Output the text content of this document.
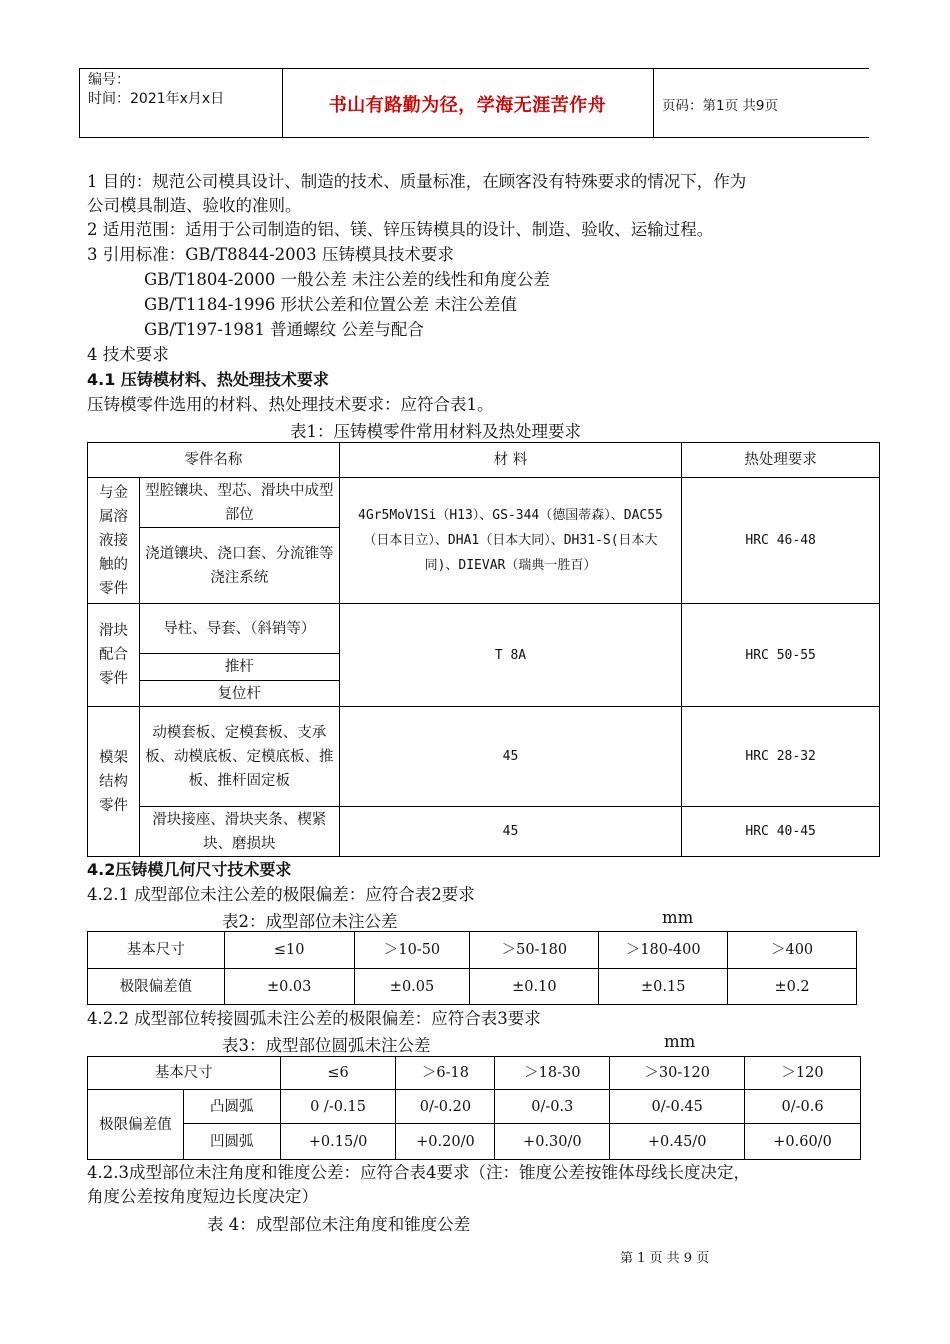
编号：
时间：2021年x月x日	书山有路勤为径，学海无涯苦作舟	页码：第1页 共9页
1 目的：规范公司模具设计、制造的技术、质量标准，在顾客没有特殊要求的情况下，作为
公司模具制造、验收的准则。
2 适用范围：适用于公司制造的铝、镁、锌压铸模具的设计、制造、验收、运输过程。
3 引用标准：GB/T8844-2003 压铸模具技术要求
GB/T1804-2000 一般公差 未注公差的线性和角度公差
GB/T1184-1996 形状公差和位置公差 未注公差值
GB/T197-1981 普通螺纹 公差与配合
4 技术要求
4.1 压铸模材料、热处理技术要求
压铸模零件选用的材料、热处理技术要求：应符合表1。
表1：压铸模零件常用材料及热处理要求
零件名称		材 料	热处理要求
与金属溶液接触的零件	型腔镶块、型芯、滑块中成型部位	4Gr5MoV1Si（H13）、GS-344（德国蒂森）、DAC55（日本日立）、DHA1（日本大同）、DH31-S(日本大同)、DIEVAR（瑞典一胜百）	HRC 46-48
	浇道镶块、浇口套、分流锥等浇注系统		
滑块配合零件	导柱、导套、（斜销等）	T 8A	HRC 50-55
	推杆		
	复位杆		
模架结构零件	动模套板、定模套板、支承板、动模底板、定模底板、推板、推杆固定板	45	HRC 28-32
	滑块接座、滑块夹条、楔紧块、磨损块	45	HRC 40-45
4.2压铸模几何尺寸技术要求
4.2.1 成型部位未注公差的极限偏差：应符合表2要求
表2：成型部位未注公差	mm
基本尺寸	≤10	＞10-50	＞50-180	＞180-400	＞400
极限偏差值	±0.03	±0.05	±0.10	±0.15	±0.2
4.2.2 成型部位转接圆弧未注公差的极限偏差：应符合表3要求
表3：成型部位圆弧未注公差	mm
基本尺寸		≤6	＞6-18	＞18-30	＞30-120	＞120
极限偏差值	凸圆弧	0 /-0.15	0/-0.20	0/-0.3	0/-0.45	0/-0.6
	凹圆弧	+0.15/0	+0.20/0	+0.30/0	+0.45/0	+0.60/0
4.2.3成型部位未注角度和锥度公差：应符合表4要求（注：锥度公差按锥体母线长度决定，
角度公差按角度短边长度决定）
表 4：成型部位未注角度和锥度公差
第 1 页 共 9 页
